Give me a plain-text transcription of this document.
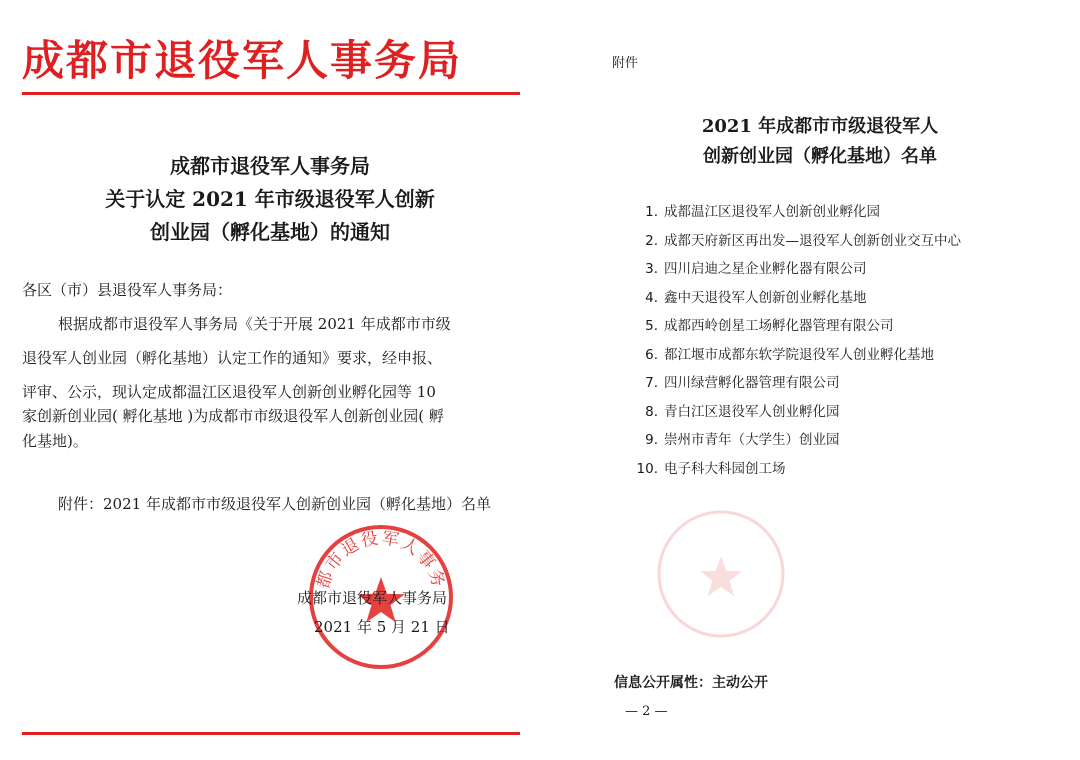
成都市退役军人事务局
成都市退役军人事务局
关于认定 2021 年市级退役军人创新
创业园（孵化基地）的通知
各区（市）县退役军人事务局：
根据成都市退役军人事务局《关于开展 2021 年成都市市级
退役军人创业园（孵化基地）认定工作的通知》要求，经申报、
评审、公示，现认定成都温江区退役军人创新创业孵化园等 10
家创新创业园( 孵化基地 )为成都市市级退役军人创新创业园( 孵
化基地)。
附件：2021 年成都市市级退役军人创新创业园（孵化基地）名单
都市退役军人事务
成都市退役军人事务局
2021 年 5 月 21 日
附件
2021 年成都市市级退役军人
创新创业园（孵化基地）名单
1. 成都温江区退役军人创新创业孵化园
2. 成都天府新区再出发—退役军人创新创业交互中心
3. 四川启迪之星企业孵化器有限公司
4. 鑫中天退役军人创新创业孵化基地
5. 成都西岭创星工场孵化器管理有限公司
6. 都江堰市成都东软学院退役军人创业孵化基地
7. 四川绿营孵化器管理有限公司
8. 青白江区退役军人创业孵化园
9. 崇州市青年（大学生）创业园
10. 电子科大科园创工场
信息公开属性：主动公开
— 2 —
